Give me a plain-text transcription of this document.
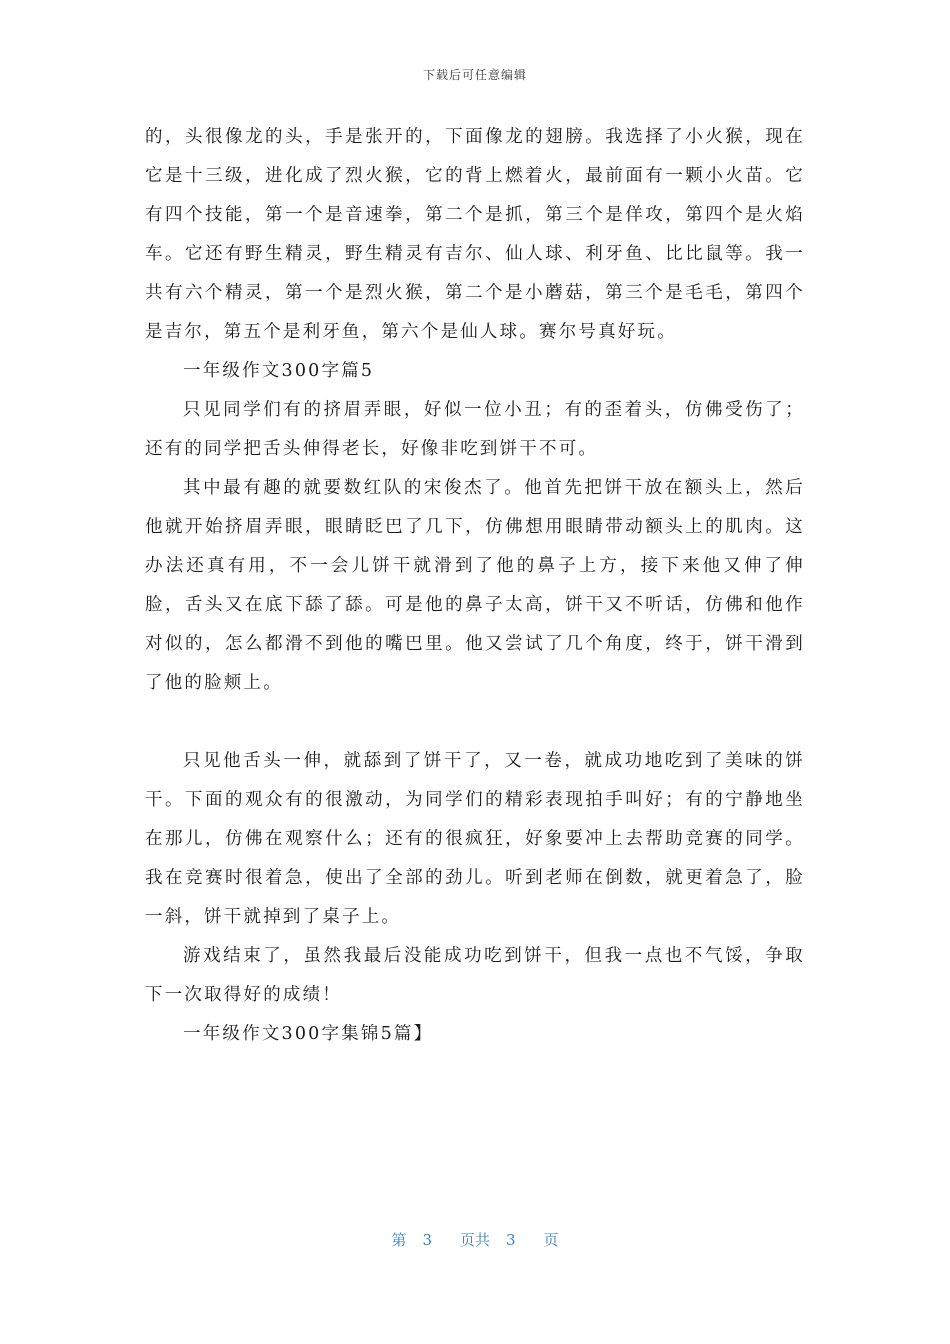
下载后可任意编辑

的，头很像龙的头，手是张开的，下面像龙的翅膀。我选择了小火猴，现在它是十三级，进化成了烈火猴，它的背上燃着火，最前面有一颗小火苗。它有四个技能，第一个是音速拳，第二个是抓，第三个是佯攻，第四个是火焰车。它还有野生精灵，野生精灵有吉尔、仙人球、利牙鱼、比比鼠等。我一共有六个精灵，第一个是烈火猴，第二个是小蘑菇，第三个是毛毛，第四个是吉尔，第五个是利牙鱼，第六个是仙人球。赛尔号真好玩。

一年级作文300字篇5

只见同学们有的挤眉弄眼，好似一位小丑；有的歪着头，仿佛受伤了；还有的同学把舌头伸得老长，好像非吃到饼干不可。

其中最有趣的就要数红队的宋俊杰了。他首先把饼干放在额头上，然后他就开始挤眉弄眼，眼睛眨巴了几下，仿佛想用眼睛带动额头上的肌肉。这办法还真有用，不一会儿饼干就滑到了他的鼻子上方，接下来他又伸了伸脸，舌头又在底下舔了舔。可是他的鼻子太高，饼干又不听话，仿佛和他作对似的，怎么都滑不到他的嘴巴里。他又尝试了几个角度，终于，饼干滑到了他的脸颊上。

只见他舌头一伸，就舔到了饼干了，又一卷，就成功地吃到了美味的饼干。下面的观众有的很激动，为同学们的精彩表现拍手叫好；有的宁静地坐在那儿，仿佛在观察什么；还有的很疯狂，好象要冲上去帮助竞赛的同学。我在竞赛时很着急，使出了全部的劲儿。听到老师在倒数，就更着急了，脸一斜，饼干就掉到了桌子上。

游戏结束了，虽然我最后没能成功吃到饼干，但我一点也不气馁，争取下一次取得好的成绩！

一年级作文300字集锦5篇】

第 3 页共 3 页
